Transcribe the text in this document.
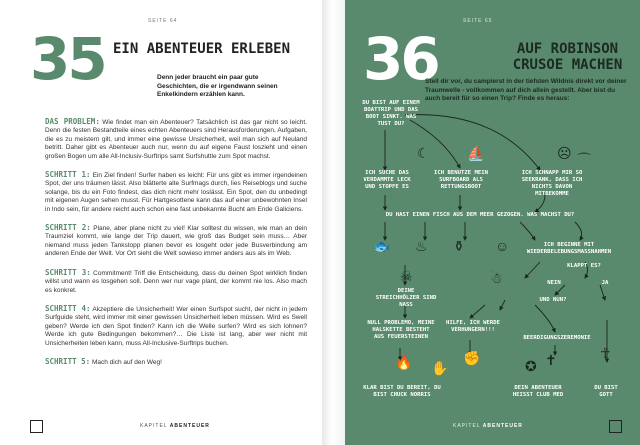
SEITE 64
35 EIN ABENTEUER ERLEBEN
Denn jeder braucht ein paar gute Geschichten, die er irgendwann seinen Enkelkindern erzählen kann.

DAS PROBLEM: Wie findet man ein Abenteuer? Tatsächlich ist das gar nicht so leicht. Denn die festen Bestandteile eines echten Abenteuers sind Herausforderungen, Aufgaben, die es zu meistern gilt, und immer eine gewisse Unsicherheit, weil man sich auf Neuland betritt. Daher gibt es Abenteuer auch nur, wenn du auf eigene Faust loszieht und einen großen Bogen um alle All-Inclusiv-Surftrips samt Surfshuttle zum Spot machst.

SCHRITT 1: Ein Ziel finden! Surfer haben es leicht: Für uns gibt es immer irgendeinen Spot, der uns träumen lässt. Also blätterte alte Surfmags durch, lies Reiseblogs und suche solange, bis du ein Foto findest, das dich nicht mehr loslässt. Ein Spot, den du unbedingt mit eigenen Augen sehen musst. Für Hartgesottene kann das auf einer unbewohnten Insel in Indo sein, für andere reicht auch schon eine fast unbekannte Bucht am Ende Galiciens.

SCHRITT 2: Plane, aber plane nicht zu viel! Klar solltest du wissen, wie man an dein Traumziel kommt, wie lange der Trip dauert, wie groß das Budget sein muss… Aber niemand muss jeden Tankstopp planen bevor es losgeht oder jede Busverbindung am anderen Ende der Welt. Vor Ort sieht die Welt sowieso immer anders aus als im Web.

SCHRITT 3: Commitment! Triff die Entscheidung, dass du deinen Spot wirklich finden willst und wann es losgehen soll. Denn wer nur vage plant, der kommt nie los. Also mach es konkret.

SCHRITT 4: Akzeptiere die Unsicherheit! Wer einen Surfspot sucht, der nicht in jedem Surfguide steht, wird immer mit einer gewissen Unsicherheit leben müssen. Wird es Swell geben? Werde ich den Spot finden? Kann ich die Welle surfen? Wird es sich lohnen? Werde ich gute Bedingungen bekommen?… Die Liste ist lang, aber wer nicht mit Unsicherheiten leben kann, muss All-Inclusive-Surftrips buchen.

SCHRITT 5: Mach dich auf den Weg!

KAPITEL ABENTEUER
SEITE 65
36	AUF ROBINSON CRUSOE MACHEN
Stell dir vor, du campierst in der tiefsten Wildnis direkt vor deiner Traumwelle - vollkommen auf dich allein gestellt. Aber bist du auch bereit für so einen Trip? Finde es heraus:
DU BIST AUF EINEM BOATTRIP UND DAS BOOT SINKT. WAS TUST DU?
☾	⛵	☹
ICH SUCHE DAS VERDAMMTE LECK UND STOPFE ES
ICH BENUTZE MEIN SURFBOARD ALS RETTUNGSBOOT
ICH SCHNAPP MIR SO SEEKRANK, DASS ICH NICHTS DAVON MITBEKOMME
DU HAST EINEN FISCH AUS DEM MEER GEZOGEN. WAS MACHST DU?
🐟 ♨ ⚱ ☺	ICH BEGINNE MIT WIEDERBELEBUNGSMASSNAHMEN
KLAPPT ES?
NEIN	JA
☠	☃
DEINE STREICHHÖLZER SIND NASS
UND NUN?
NULL PROBLEMO, MEINE HALSKETTE BESTEHT AUS FEUERSTEINEN
HILFE, ICH WERDE VERHUNGERN!!!
BEERDIGUNGSZEREMONIE
🔥	✊	✝	☥
✋	✪
⌒
KLAR BIST DU BEREIT, DU BIST CHUCK NORRIS
DEIN ABENTEUER HEISST CLUB MED
DU BIST GOTT
KAPITEL ABENTEUER
